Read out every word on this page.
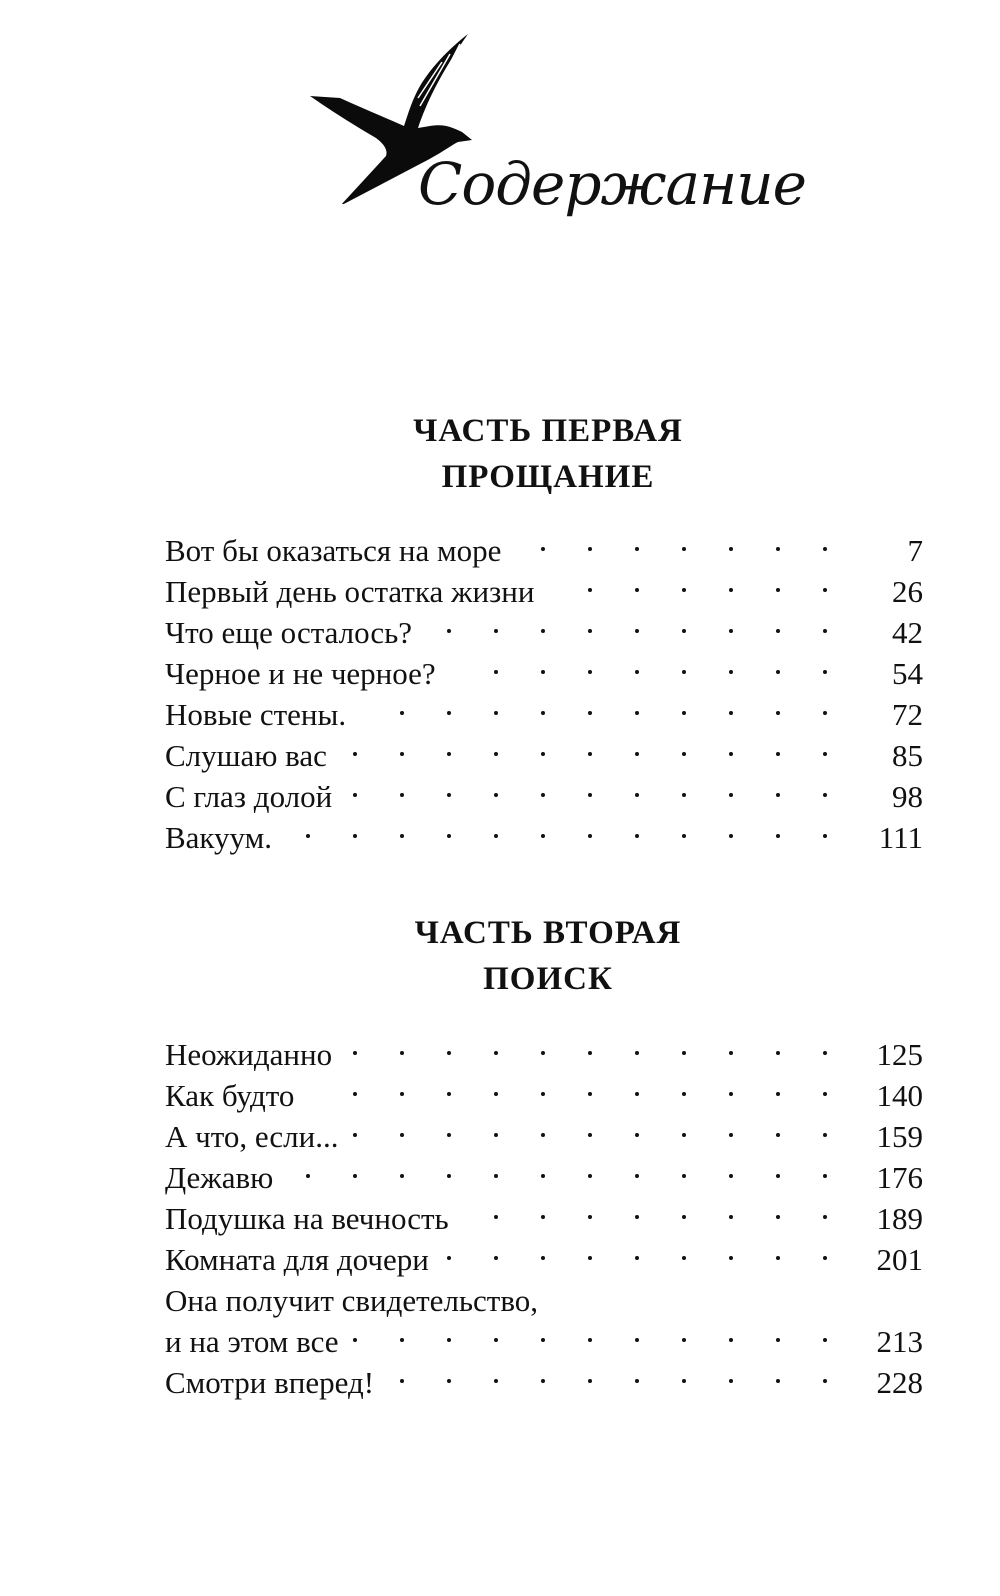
Содержание
ЧАСТЬ ПЕРВАЯ
ПРОЩАНИЕ
Вот бы оказаться на море	7
Первый день остатка жизни	26
Что еще осталось?	42
Черное и не черное?	54
Новые стены.	72
Слушаю вас	85
С глаз долой	98
Вакуум.	111
ЧАСТЬ ВТОРАЯ
ПОИСК
Неожиданно	125
Как будто	140
А что, если...	159
Дежавю	176
Подушка на вечность	189
Комната для дочери	201
Она получит свидетельство,
и на этом все	213
Смотри вперед!	228
